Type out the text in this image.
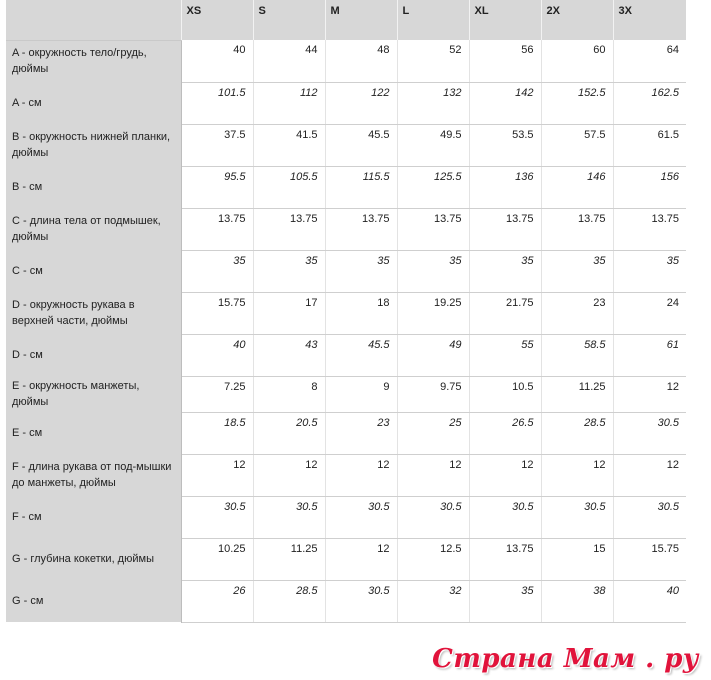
	XS	S	M	L	XL	2X	3X
A - окружность тело/грудь, дюймы	40	44	48	52	56	60	64
A - см	101.5	112	122	132	142	152.5	162.5
B - окружность нижней планки, дюймы	37.5	41.5	45.5	49.5	53.5	57.5	61.5
B - см	95.5	105.5	115.5	125.5	136	146	156
C - длина тела от подмышек, дюймы	13.75	13.75	13.75	13.75	13.75	13.75	13.75
C - см	35	35	35	35	35	35	35
D - окружность рукава в верхней части, дюймы	15.75	17	18	19.25	21.75	23	24
D - см	40	43	45.5	49	55	58.5	61
E - окружность манжеты, дюймы	7.25	8	9	9.75	10.5	11.25	12
E - см	18.5	20.5	23	25	26.5	28.5	30.5
F - длина рукава от под-мышки до манжеты, дюймы	12	12	12	12	12	12	12
F - см	30.5	30.5	30.5	30.5	30.5	30.5	30.5
G - глубина кокетки, дюймы	10.25	11.25	12	12.5	13.75	15	15.75
G - см	26	28.5	30.5	32	35	38	40
Страна Мам . ру
